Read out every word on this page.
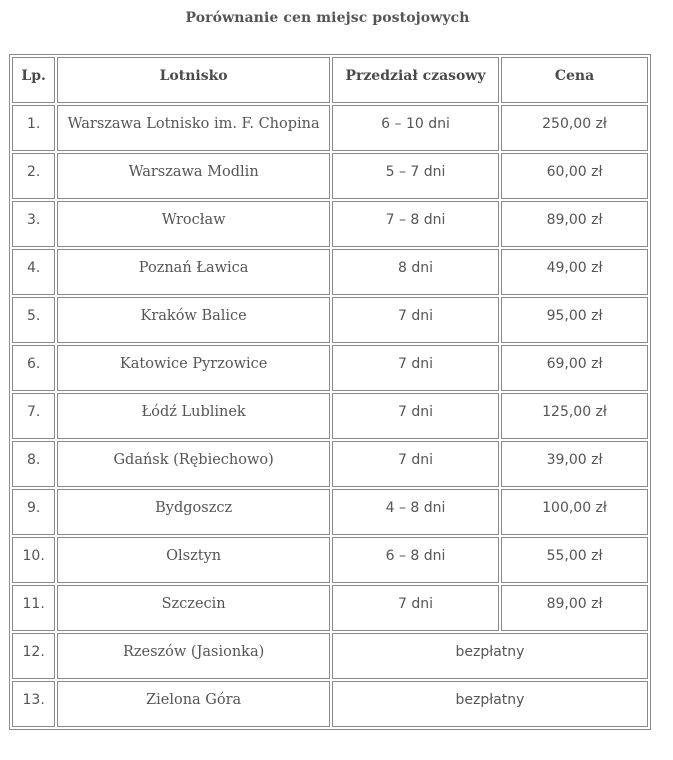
Porównanie cen miejsc postojowych
Lp.	Lotnisko	Przedział czasowy	Cena
1.	Warszawa Lotnisko im. F. Chopina	6 – 10 dni	250,00 zł
2.	Warszawa Modlin	5 – 7 dni	60,00 zł
3.	Wrocław	7 – 8 dni	89,00 zł
4.	Poznań Ławica	8 dni	49,00 zł
5.	Kraków Balice	7 dni	95,00 zł
6.	Katowice Pyrzowice	7 dni	69,00 zł
7.	Łódź Lublinek	7 dni	125,00 zł
8.	Gdańsk (Rębiechowo)	7 dni	39,00 zł
9.	Bydgoszcz	4 – 8 dni	100,00 zł
10.	Olsztyn	6 – 8 dni	55,00 zł
11.	Szczecin	7 dni	89,00 zł
12.	Rzeszów (Jasionka)	bezpłatny	
13.	Zielona Góra	bezpłatny	
